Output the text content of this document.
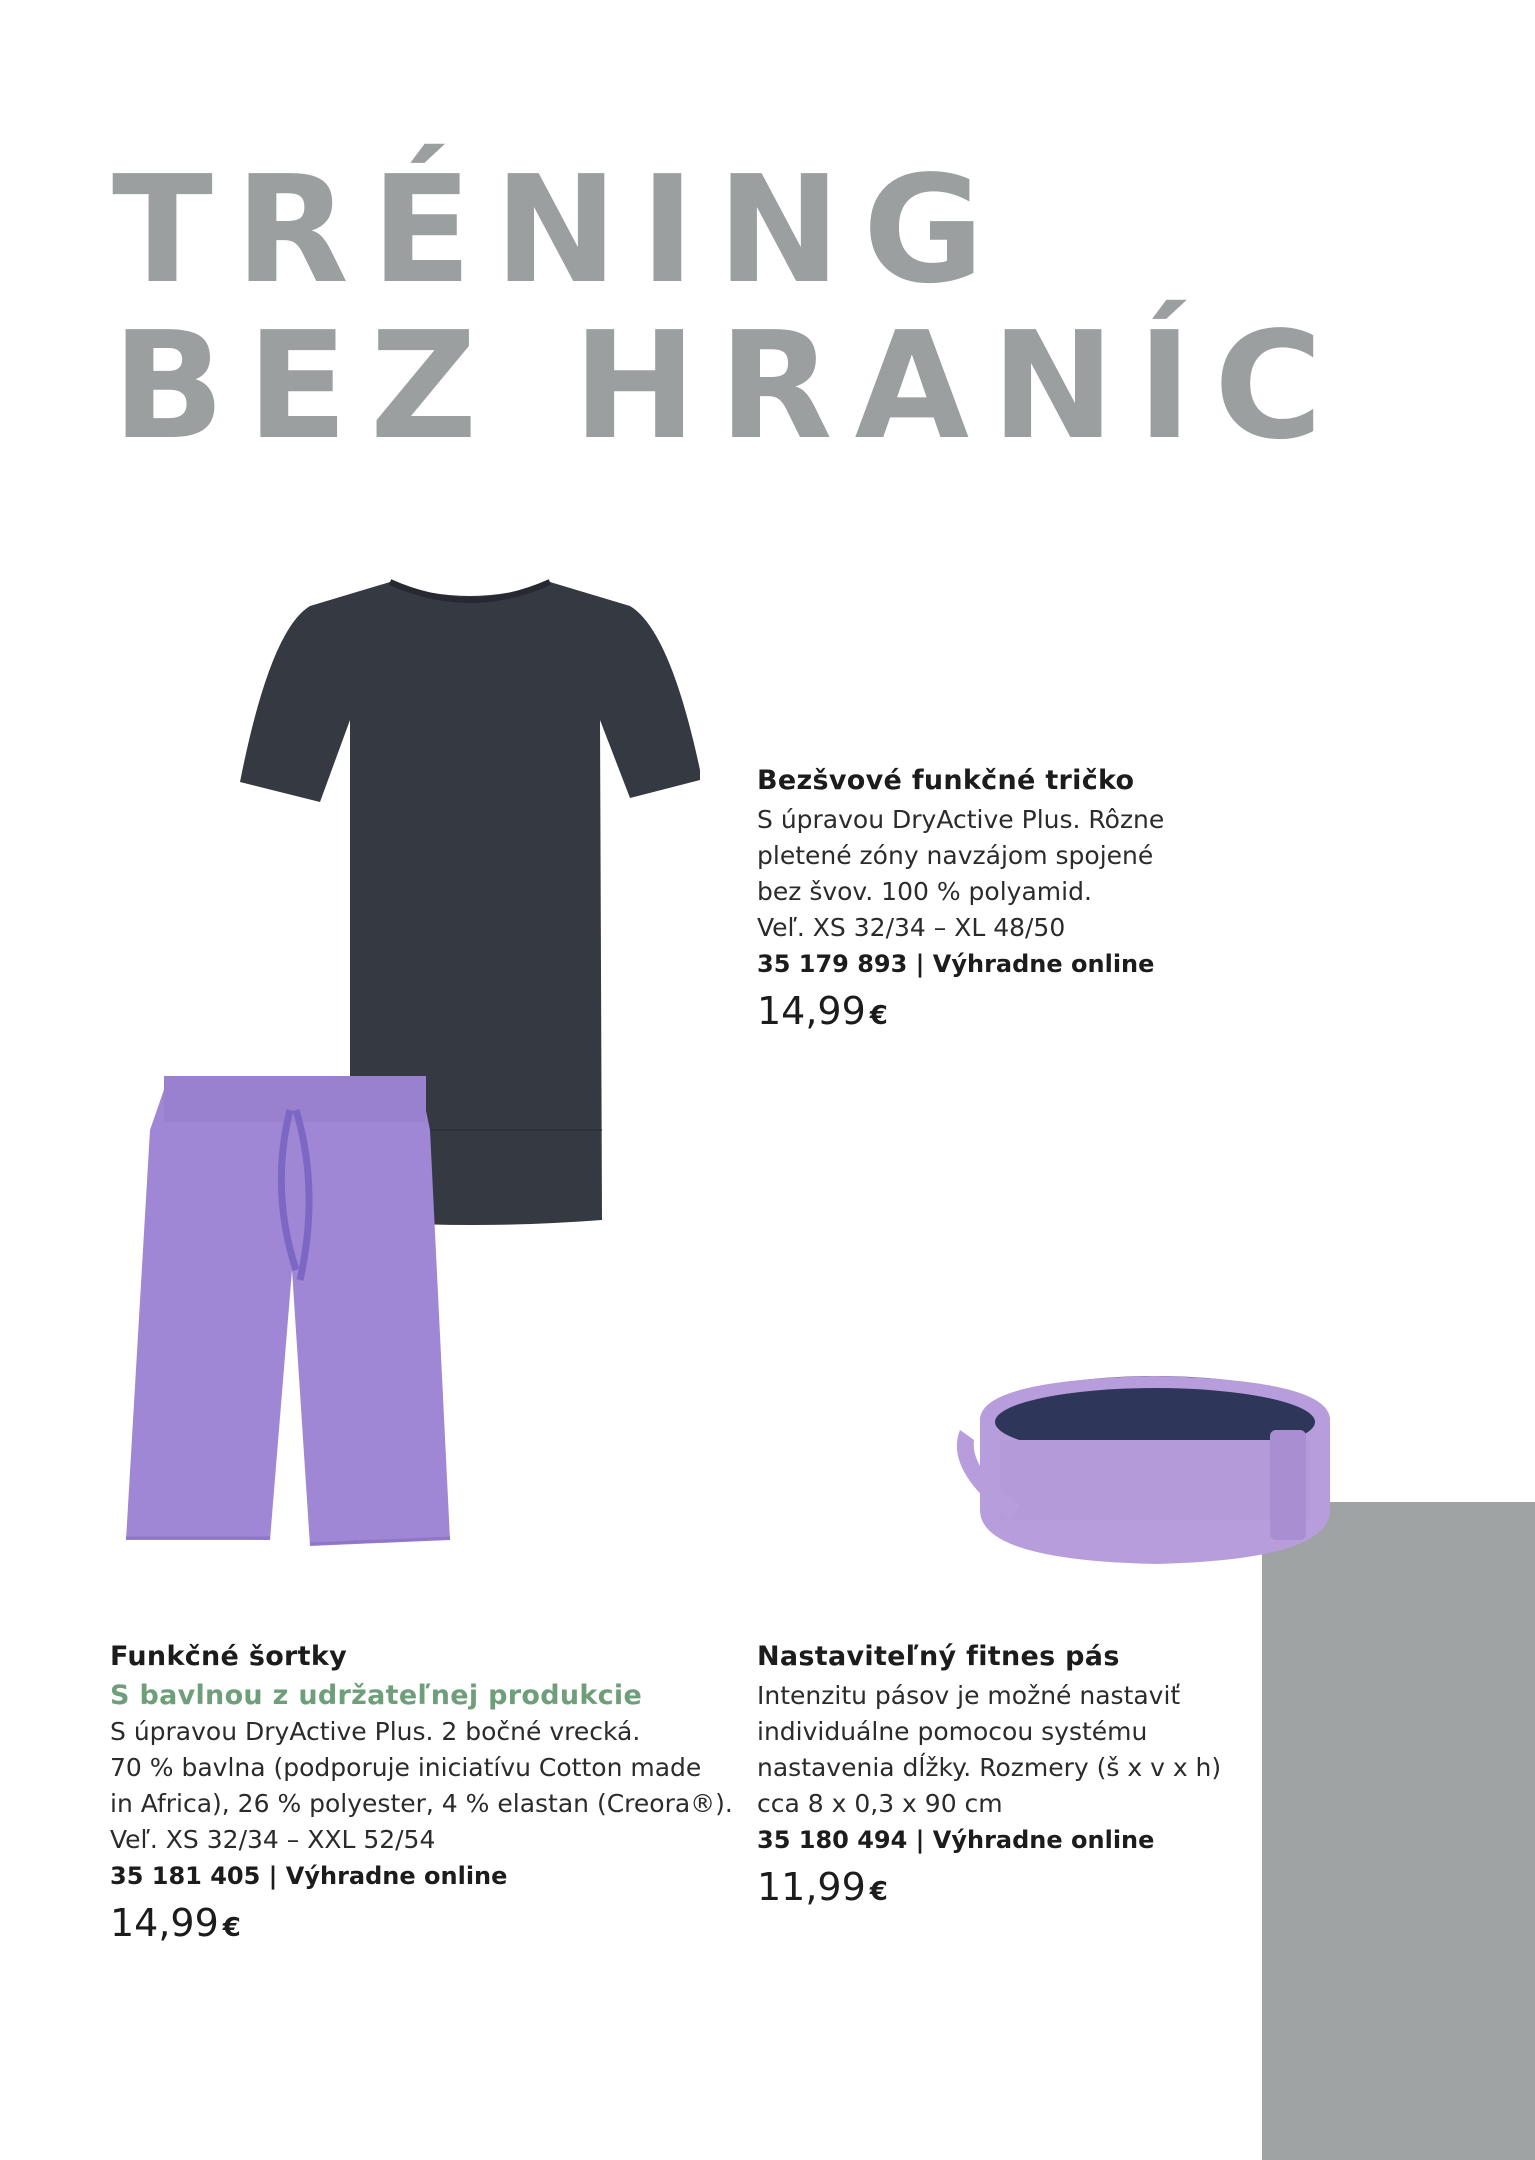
TRÉNING
BEZ HRANÍC

Bezšvové funkčné tričko

S úpravou DryActive Plus. Rôzne

pletené zóny navzájom spojené

bez švov. 100 % polyamid.

Veľ. XS 32/34 – XL 48/50

35 179 893 | Výhradne online

14,99 €

Funkčné šortky

S bavlnou z udržateľnej produkcie

S úpravou DryActive Plus. 2 bočné vrecká.

70 % bavlna (podporuje iniciatívu Cotton made

in Africa), 26 % polyester, 4 % elastan (Creora®).

Veľ. XS 32/34 – XXL 52/54

35 181 405 | Výhradne online

14,99 €

Nastaviteľný fitnes pás

Intenzitu pásov je možné nastaviť

individuálne pomocou systému

nastavenia dĺžky. Rozmery (š x v x h)

cca 8 x 0,3 x 90 cm

35 180 494 | Výhradne online

11,99 €
